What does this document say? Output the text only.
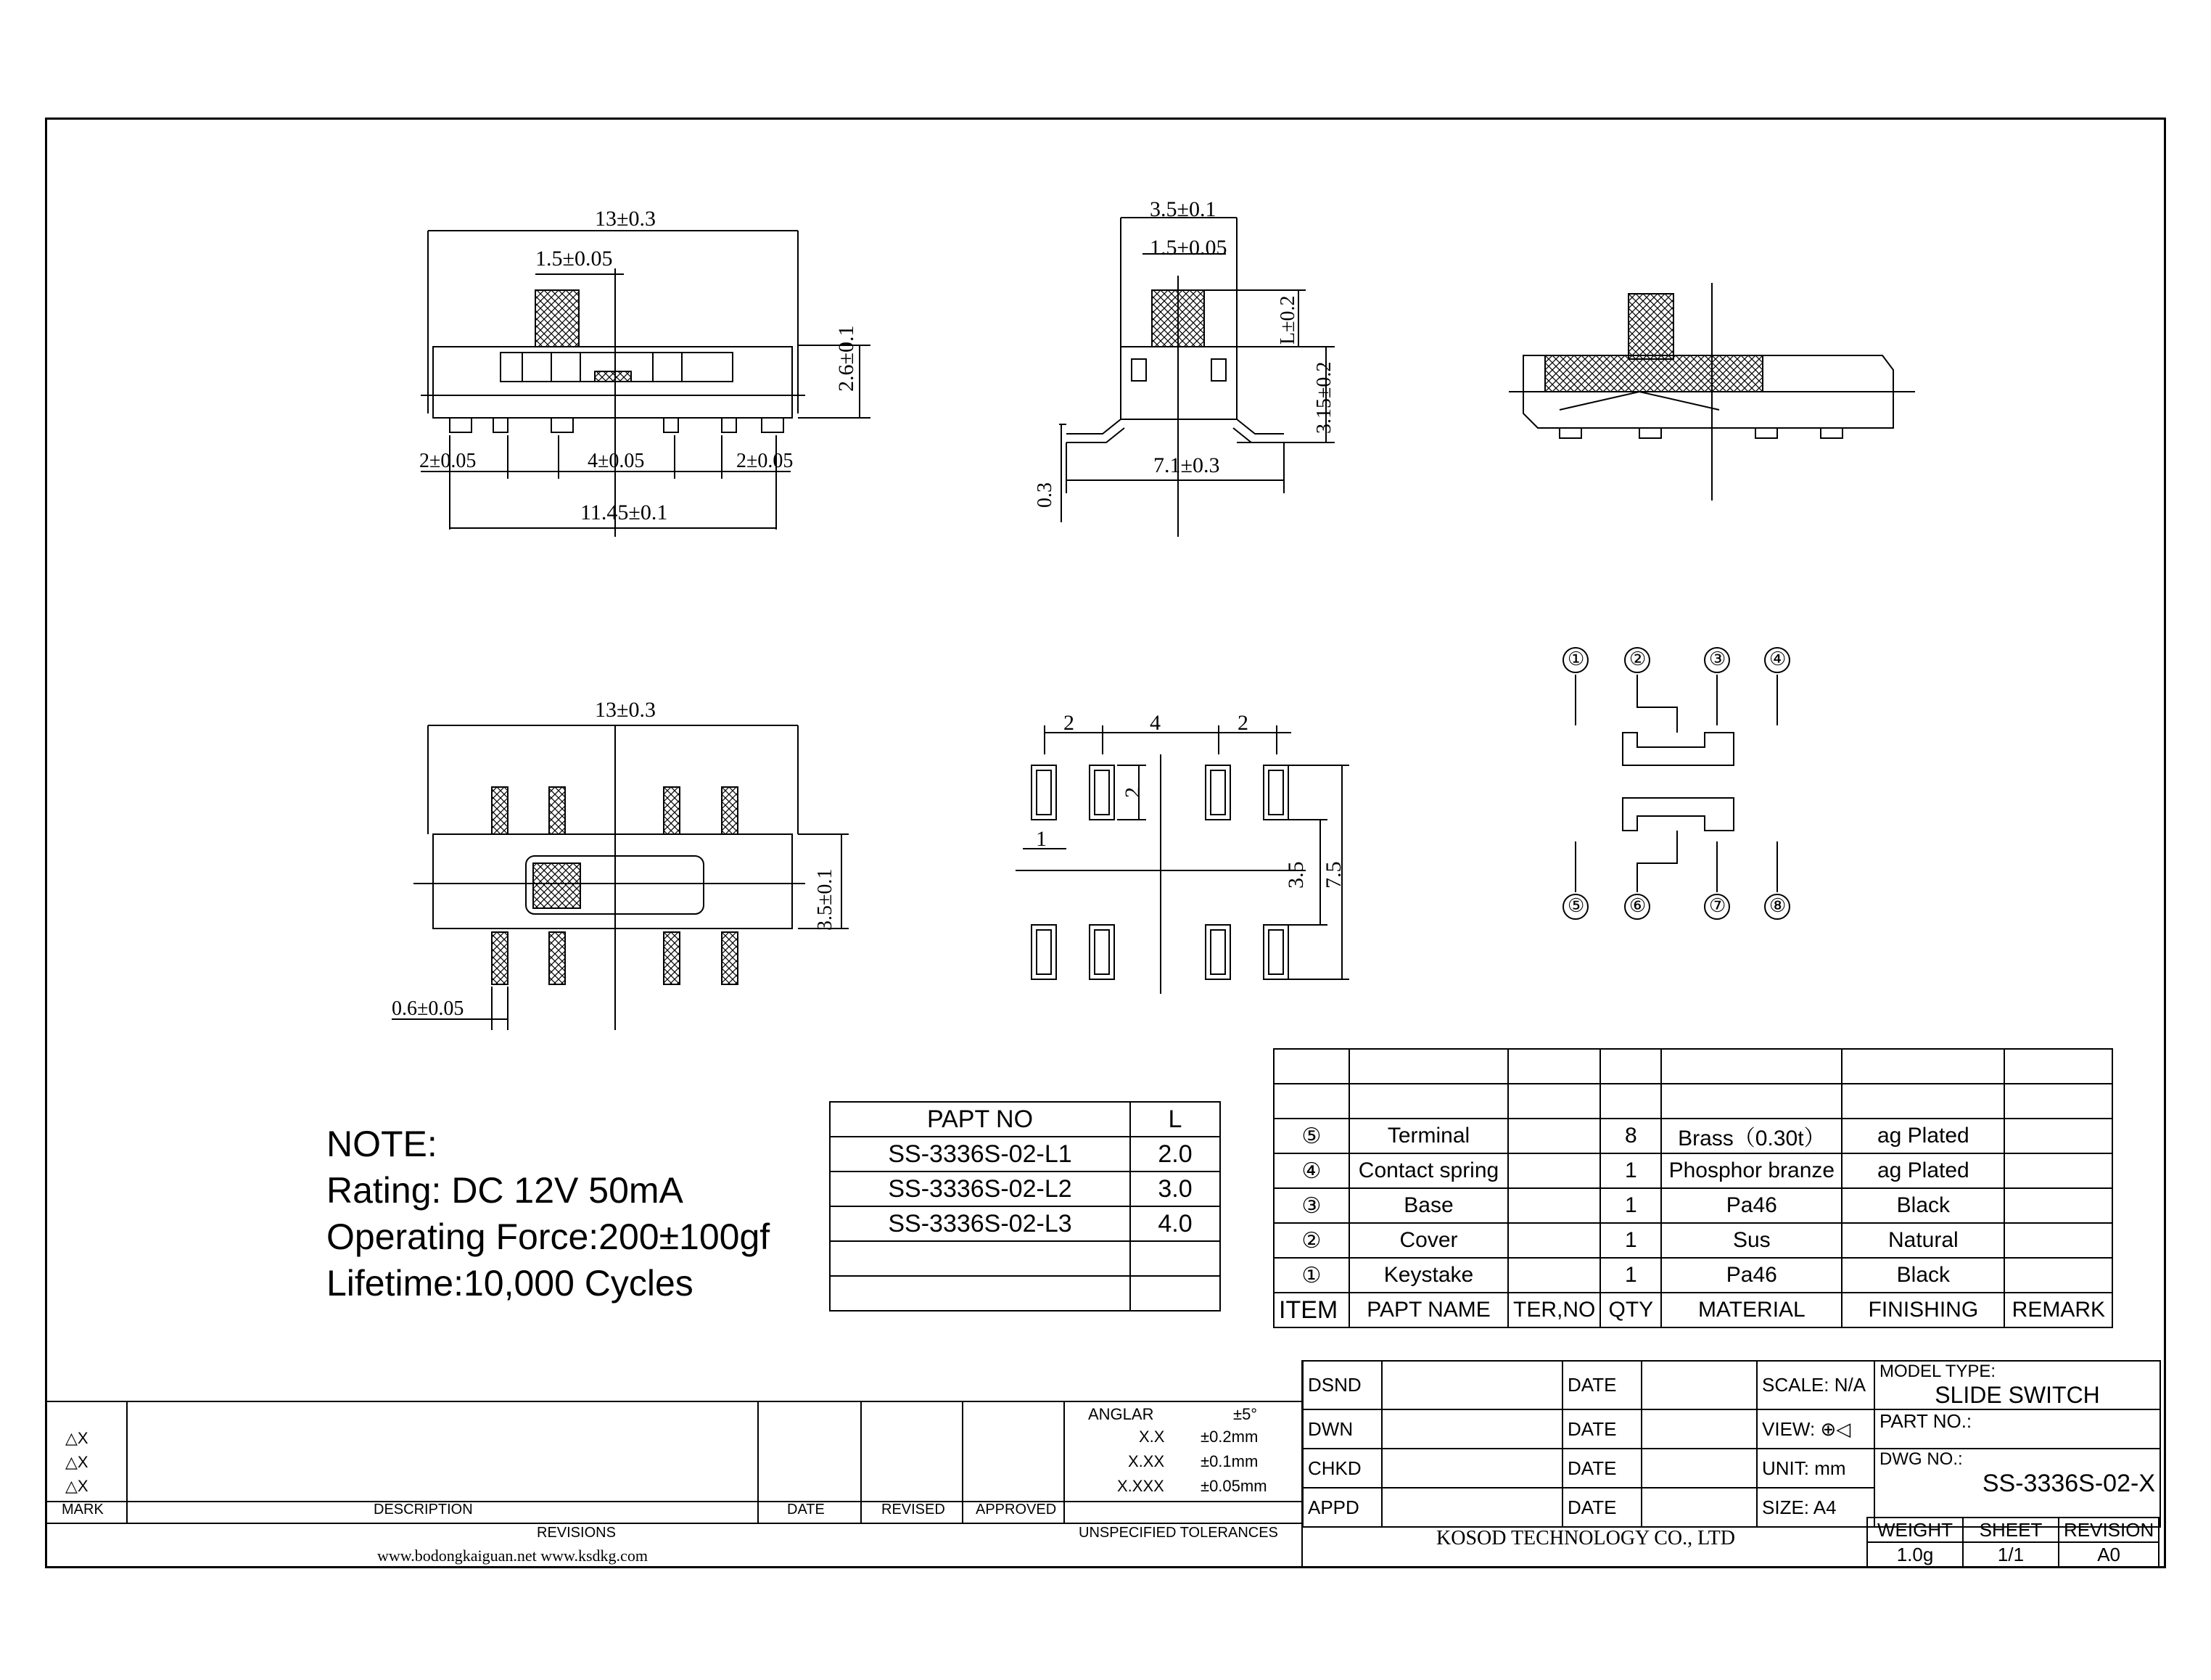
13±0.3
1.5±0.05
2.6±0.1
2±0.05	4±0.05	2±0.05
11.45±0.1
3.5±0.1
1.5±0.05
L±0.2
3.15±0.2
0.3
7.1±0.3
13±0.3
3.5±0.1
0.6±0.05
2	4	2
2
1
3.5 7.5
① ②	③ ④
⑤ ⑥	⑦ ⑧
NOTE:
Rating: DC 12V 50mA
Operating Force:200±100gf
Lifetime:10,000 Cycles
PAPT NO	L
SS-3336S-02-L1	2.0
SS-3336S-02-L2	3.0
SS-3336S-02-L3	4.0

⑤	Terminal		8	Brass（0.30t）	ag Plated	
④	Contact spring		1	Phosphor branze	ag Plated	
③	Base		1	Pa46	Black	
②	Cover		1	Sus	Natural	
①	Keystake		1	Pa46	Black	
ITEM	PAPT NAME	TER,NO	QTY	MATERIAL	FINISHING	REMARK
△X
△X
△X
MARK	DESCRIPTION	DATE	REVISED APPROVED
REVISIONS
www.bodongkaiguan.net www.ksdkg.com
ANGLAR	±5°
X.X ±0.2mm
X.XX ±0.1mm
X.XXX ±0.05mm
UNSPECIFIED TOLERANCES
DSND		DATE		SCALE: N/A	MODEL TYPE:
SLIDE SWITCH

DWN		DATE		VIEW: ⊕◁	PART NO.:
CHKD		DATE		UNIT: mm	DWG NO.:
SS-3336S-02-X

APPD		DATE		SIZE: A4	
KOSOD TECHNOLOGY CO., LTD	WEIGHT	SHEET	REVISION
1.0g	1/1	A0
